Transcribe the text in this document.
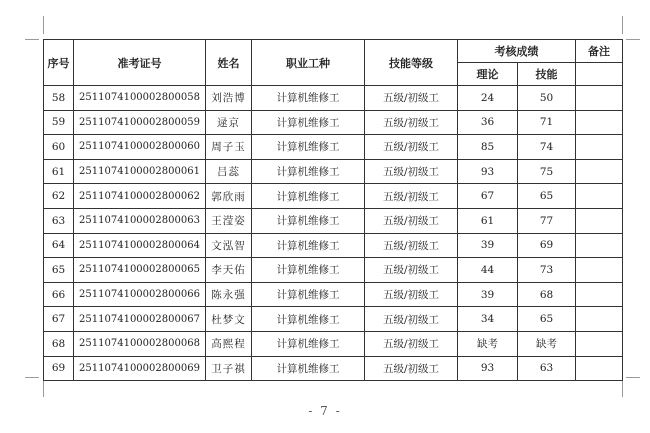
序号	准考证号	姓名	职业工种	技能等级	考核成绩		备注
					理论	技能	
58	2511074100002800058	刘浩博	计算机维修工	五级/初级工	24	50	
59	2511074100002800059	逯京	计算机维修工	五级/初级工	36	71	
60	2511074100002800060	周子玉	计算机维修工	五级/初级工	85	74	
61	2511074100002800061	吕蕊	计算机维修工	五级/初级工	93	75	
62	2511074100002800062	郭欣雨	计算机维修工	五级/初级工	67	65	
63	2511074100002800063	王滢姿	计算机维修工	五级/初级工	61	77	
64	2511074100002800064	文泓智	计算机维修工	五级/初级工	39	69	
65	2511074100002800065	李天佑	计算机维修工	五级/初级工	44	73	
66	2511074100002800066	陈永强	计算机维修工	五级/初级工	39	68	
67	2511074100002800067	杜梦文	计算机维修工	五级/初级工	34	65	
68	2511074100002800068	高熙程	计算机维修工	五级/初级工	缺考	缺考	
69	2511074100002800069	卫子祺	计算机维修工	五级/初级工	93	63	
- 7 -
